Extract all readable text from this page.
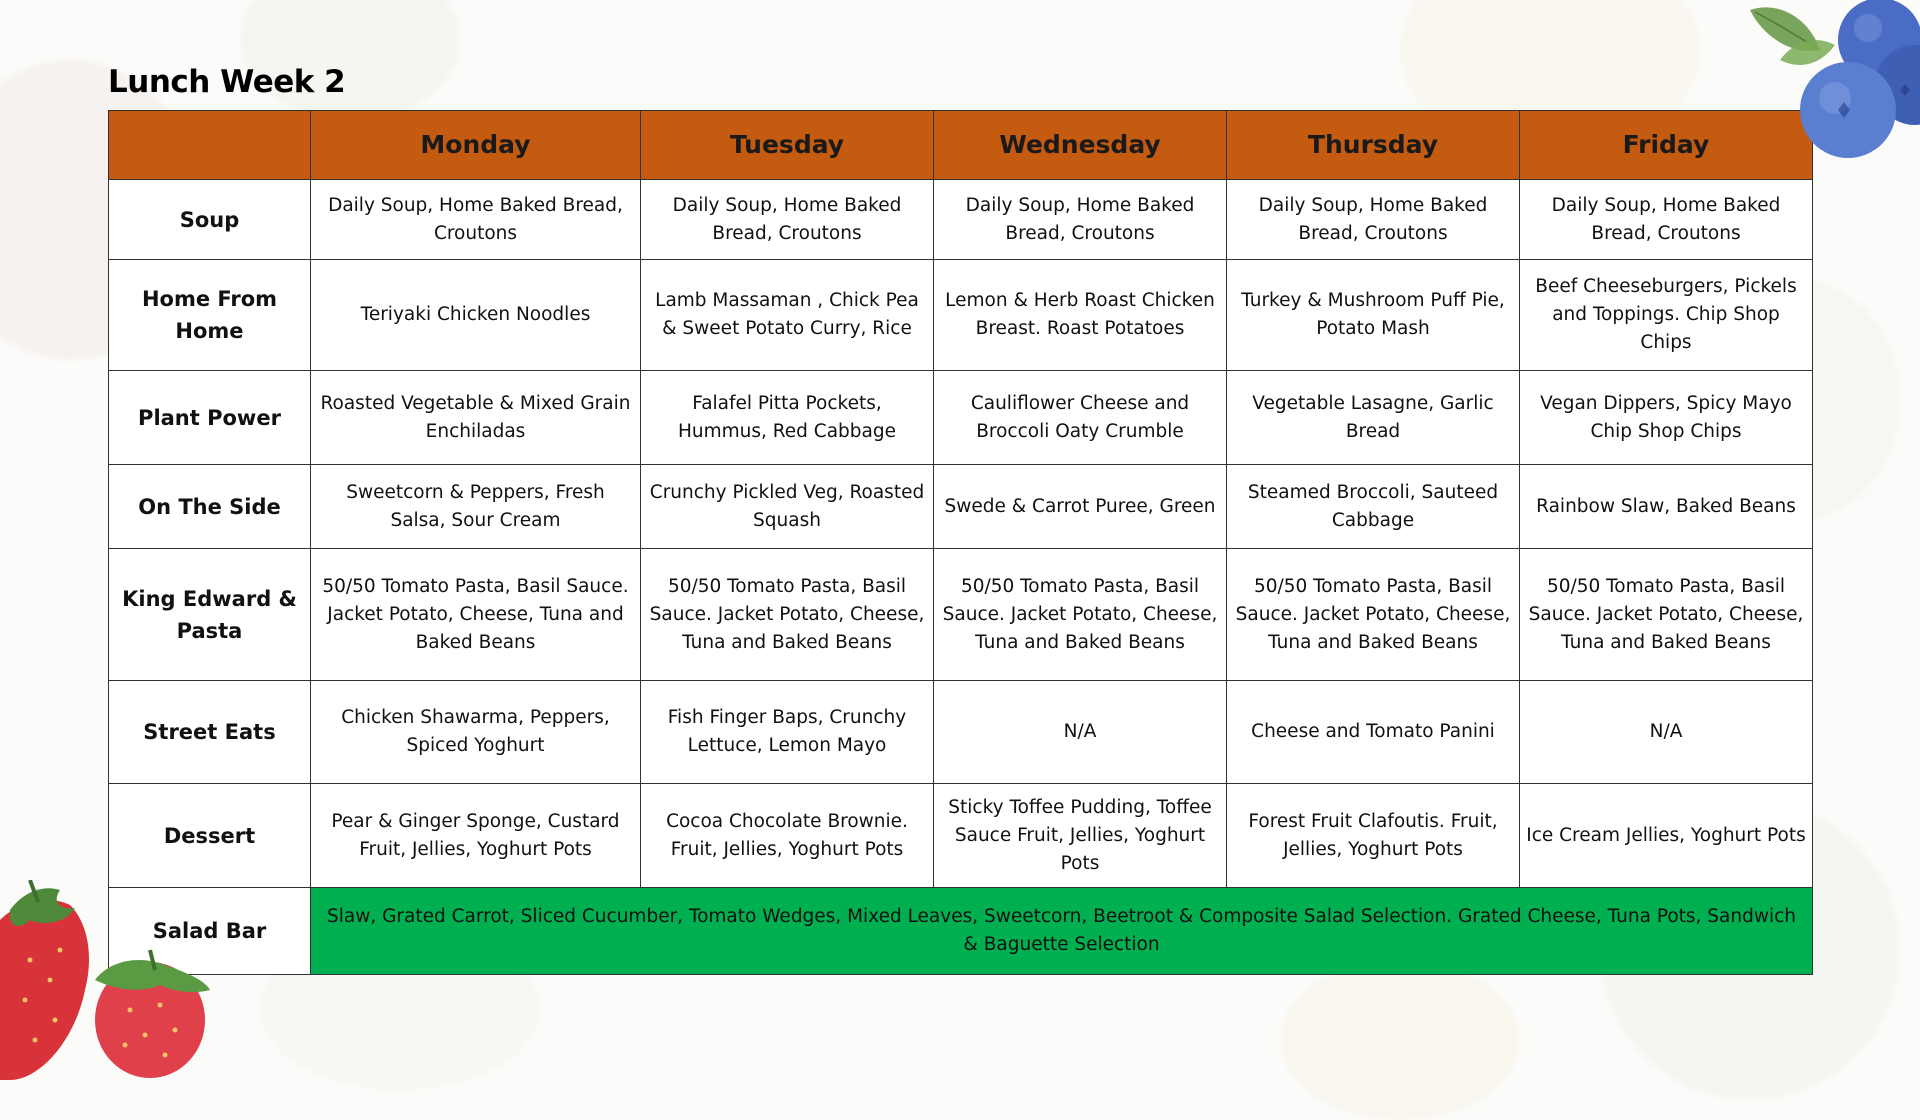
Lunch Week 2
	Monday	Tuesday	Wednesday	Thursday	Friday
Soup	Daily Soup, Home Baked Bread, Croutons	Daily Soup, Home Baked Bread, Croutons	Daily Soup, Home Baked Bread, Croutons	Daily Soup, Home Baked Bread, Croutons	Daily Soup, Home Baked Bread, Croutons
Home From Home	Teriyaki Chicken Noodles	Lamb Massaman , Chick Pea & Sweet Potato Curry, Rice	Lemon & Herb Roast Chicken Breast. Roast Potatoes	Turkey & Mushroom Puff Pie, Potato Mash	Beef Cheeseburgers, Pickels and Toppings. Chip Shop Chips
Plant Power	Roasted Vegetable & Mixed Grain Enchiladas	Falafel Pitta Pockets, Hummus, Red Cabbage	Cauliflower Cheese and Broccoli Oaty Crumble	Vegetable Lasagne, Garlic Bread	Vegan Dippers, Spicy Mayo Chip Shop Chips
On The Side	Sweetcorn & Peppers, Fresh Salsa, Sour Cream	Crunchy Pickled Veg, Roasted Squash	Swede & Carrot Puree, Green	Steamed Broccoli, Sauteed Cabbage	Rainbow Slaw, Baked Beans
King Edward & Pasta	50/50 Tomato Pasta, Basil Sauce. Jacket Potato, Cheese, Tuna and Baked Beans	50/50 Tomato Pasta, Basil Sauce. Jacket Potato, Cheese, Tuna and Baked Beans	50/50 Tomato Pasta, Basil Sauce. Jacket Potato, Cheese, Tuna and Baked Beans	50/50 Tomato Pasta, Basil Sauce. Jacket Potato, Cheese, Tuna and Baked Beans	50/50 Tomato Pasta, Basil Sauce. Jacket Potato, Cheese, Tuna and Baked Beans
Street Eats	Chicken Shawarma, Peppers, Spiced Yoghurt	Fish Finger Baps, Crunchy Lettuce, Lemon Mayo	N/A	Cheese and Tomato Panini	N/A
Dessert	Pear & Ginger Sponge, Custard Fruit, Jellies, Yoghurt Pots	Cocoa Chocolate Brownie. Fruit, Jellies, Yoghurt Pots	Sticky Toffee Pudding, Toffee Sauce Fruit, Jellies, Yoghurt Pots	Forest Fruit Clafoutis. Fruit, Jellies, Yoghurt Pots	Ice Cream Jellies, Yoghurt Pots
Salad Bar	Slaw, Grated Carrot, Sliced Cucumber, Tomato Wedges, Mixed Leaves, Sweetcorn, Beetroot & Composite Salad Selection. Grated Cheese, Tuna Pots, Sandwich & Baguette Selection				
